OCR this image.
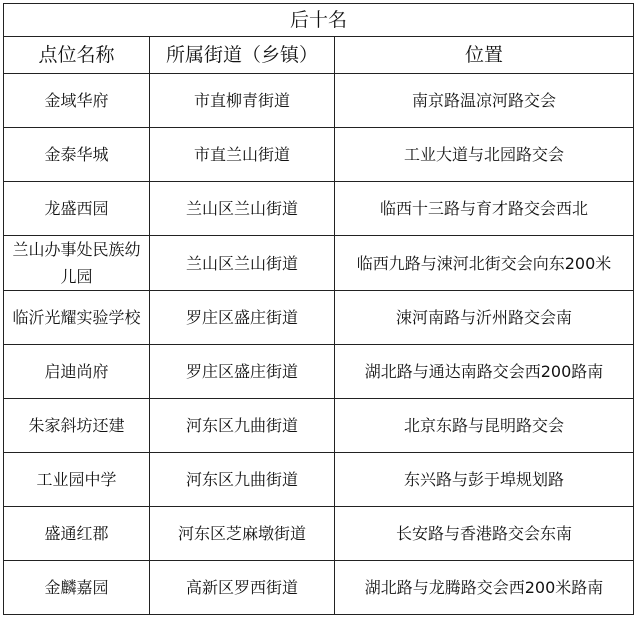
后十名		
点位名称	所属街道（乡镇）	位置
金域华府	市直柳青街道	南京路温凉河路交会
金泰华城	市直兰山街道	工业大道与北园路交会
龙盛西园	兰山区兰山街道	临西十三路与育才路交会西北
兰山办事处民族幼儿园	兰山区兰山街道	临西九路与涑河北街交会向东200米
临沂光耀实验学校	罗庄区盛庄街道	涑河南路与沂州路交会南
启迪尚府	罗庄区盛庄街道	湖北路与通达南路交会西200路南
朱家斜坊还建	河东区九曲街道	北京东路与昆明路交会
工业园中学	河东区九曲街道	东兴路与彭于埠规划路
盛通红郡	河东区芝麻墩街道	长安路与香港路交会东南
金麟嘉园	高新区罗西街道	湖北路与龙腾路交会西200米路南
